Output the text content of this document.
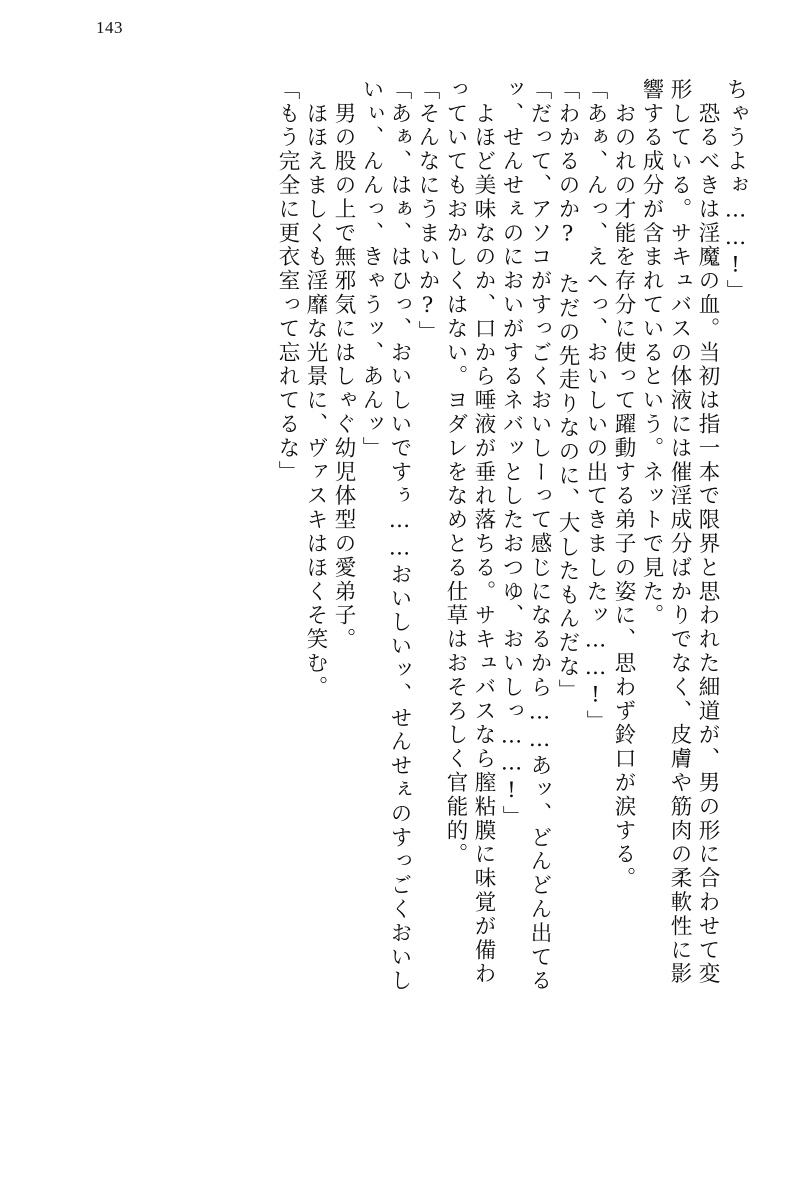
143
ちゃうよぉ……!」
　恐るべきは淫魔の血。当初は指一本で限界と思われた細道が、男の形に合わせて変
形している。サキュバスの体液には催淫成分ばかりでなく、皮膚や筋肉の柔軟性に影
響する成分が含まれているという。ネットで見た。
　おのれの才能を存分に使って躍動する弟子の姿に、思わず鈴口が涙する。
「あぁ、んっ、えへっ、おいしいの出てきましたッ……!」
「わかるのか?　ただの先走りなのに、大したもんだな」
「だって、アソコがすっごくおいしーって感じになるから……あッ、どんどん出てる
ッ、せんせぇのにおいがするネバッとしたおつゆ、おいしっ……!」
　よほど美味なのか、口から唾液が垂れ落ちる。サキュバスなら膣粘膜に味覚が備わ
っていてもおかしくはない。ヨダレをなめとる仕草はおそろしく官能的。
「そんなにうまいか?」
「あぁ、はぁ、はひっ、おいしいですぅ……おいしいッ、せんせぇのすっごくおいし
いぃ、んんっ、きゃうッ、あんッ」
　男の股の上で無邪気にはしゃぐ幼児体型の愛弟子。
　ほほえましくも淫靡な光景に、ヴァスキはほくそ笑む。
「もう完全に更衣室って忘れてるな」
